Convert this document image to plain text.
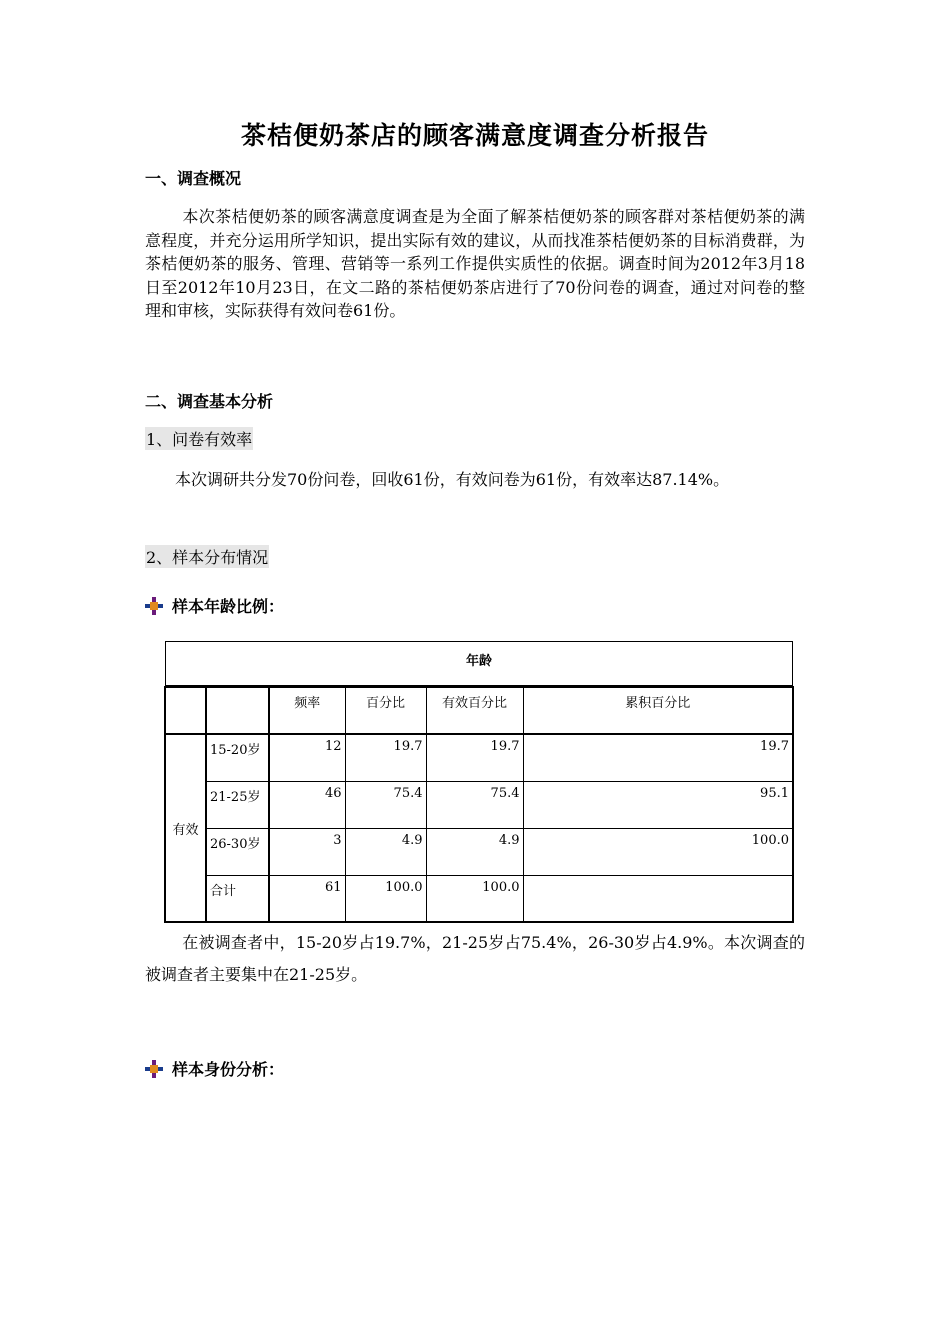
茶桔便奶茶店的顾客满意度调查分析报告
一、调查概况
本次茶桔便奶茶的顾客满意度调查是为全面了解茶桔便奶茶的顾客群对茶桔便奶茶的满意程度，并充分运用所学知识，提出实际有效的建议，从而找准茶桔便奶茶的目标消费群，为茶桔便奶茶的服务、管理、营销等一系列工作提供实质性的依据。调查时间为2012年3月18日至2012年10月23日，在文二路的茶桔便奶茶店进行了70份问卷的调查，通过对问卷的整理和审核，实际获得有效问卷61份。
二、调查基本分析
1、问卷有效率
本次调研共分发70份问卷，回收61份，有效问卷为61份，有效率达87.14%。
2、样本分布情况
样本年龄比例：
年龄
		频率	百分比	有效百分比	累积百分比
有效	15-20岁	12	19.7	19.7	19.7
	21-25岁	46	75.4	75.4	95.1
	26-30岁	3	4.9	4.9	100.0
	合计	61	100.0	100.0	
在被调查者中，15-20岁占19.7%，21-25岁占75.4%，26-30岁占4.9%。本次调查的被调查者主要集中在21-25岁。
样本身份分析：
